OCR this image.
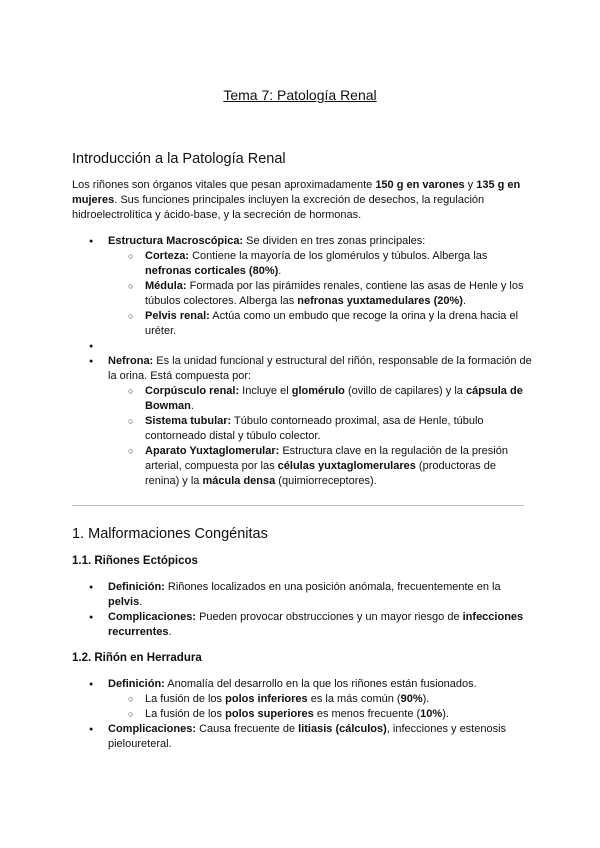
Tema 7: Patología Renal
Introducción a la Patología Renal

Los riñones son órganos vitales que pesan aproximadamente 150 g en varones y 135 g en mujeres. Sus funciones principales incluyen la excreción de desechos, la regulación hidroelectrolítica y ácido-base, y la secreción de hormonas.

● Estructura Macroscópica: Se dividen en tres zonas principales:
○ Corteza: Contiene la mayoría de los glomérulos y túbulos. Alberga las nefronas corticales (80%).
○ Médula: Formada por las pirámides renales, contiene las asas de Henle y los túbulos colectores. Alberga las nefronas yuxtamedulares (20%).
○ Pelvis renal: Actúa como un embudo que recoge la orina y la drena hacia el uréter.
●
● Nefrona: Es la unidad funcional y estructural del riñón, responsable de la formación de la orina. Está compuesta por:
○ Corpúsculo renal: Incluye el glomérulo (ovillo de capilares) y la cápsula de Bowman.
○ Sistema tubular: Túbulo contorneado proximal, asa de Henle, túbulo contorneado distal y túbulo colector.
○ Aparato Yuxtaglomerular: Estructura clave en la regulación de la presión arterial, compuesta por las células yuxtaglomerulares (productoras de renina) y la mácula densa (quimiorreceptores).
1. Malformaciones Congénitas
1.1. Riñones Ectópicos
● Definición: Riñones localizados en una posición anómala, frecuentemente en la pelvis.
● Complicaciones: Pueden provocar obstrucciones y un mayor riesgo de infecciones recurrentes.
1.2. Riñón en Herradura
● Definición: Anomalía del desarrollo en la que los riñones están fusionados.
○ La fusión de los polos inferiores es la más común (90%).
○ La fusión de los polos superiores es menos frecuente (10%).
● Complicaciones: Causa frecuente de litiasis (cálculos), infecciones y estenosis pieloureteral.
